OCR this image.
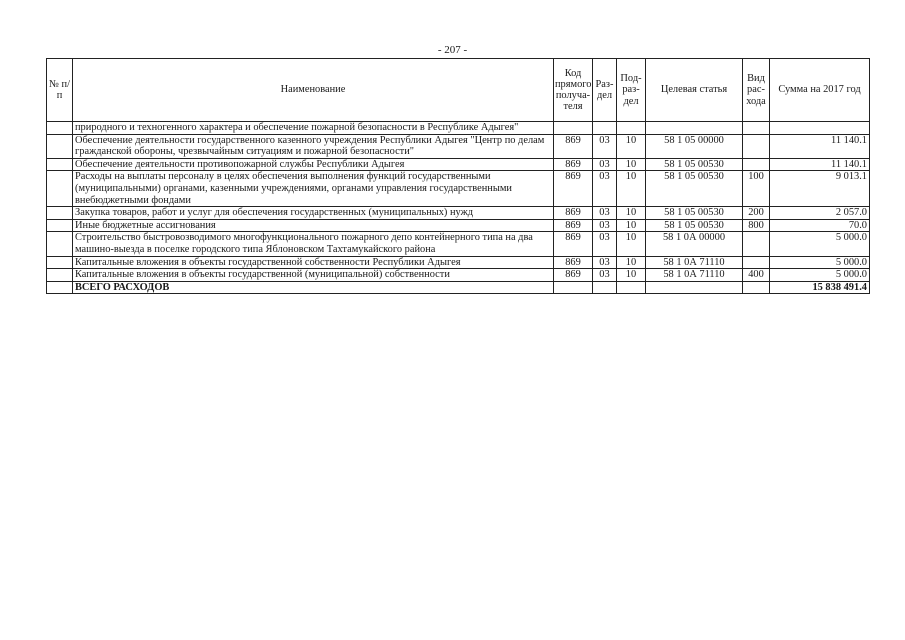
- 207 -
№ п/п	Наименование	Код прямого получа- теля	Раз- дел	Под- раз- дел	Целевая статья	Вид рас- хода	Сумма на 2017 год
	природного и техногенного характера и обеспечение пожарной безопасности в Республике Адыгея"						
	Обеспечение деятельности государственного казенного учреждения Республики Адыгея "Центр по делам гражданской обороны, чрезвычайным ситуациям и пожарной безопасности"	869	03	10	58 1 05 00000		11 140.1
	Обеспечение деятельности противопожарной службы Республики Адыгея	869	03	10	58 1 05 00530		11 140.1
	Расходы на выплаты персоналу в целях обеспечения выполнения функций государственными (муниципальными) органами, казенными учреждениями, органами управления государственными внебюджетными фондами	869	03	10	58 1 05 00530	100	9 013.1
	Закупка товаров, работ и услуг для обеспечения государственных (муниципальных) нужд	869	03	10	58 1 05 00530	200	2 057.0
	Иные бюджетные ассигнования	869	03	10	58 1 05 00530	800	70.0
	Строительство быстровозводимого многофункционального пожарного депо контейнерного типа на два машино-выезда в поселке городского типа Яблоновском Тахтамукайского района	869	03	10	58 1 0А 00000		5 000.0
	Капитальные вложения в объекты государственной собственности Республики Адыгея	869	03	10	58 1 0А 71110		5 000.0
	Капитальные вложения в объекты государственной (муниципальной) собственности	869	03	10	58 1 0А 71110	400	5 000.0
	ВСЕГО РАСХОДОВ						15 838 491.4
